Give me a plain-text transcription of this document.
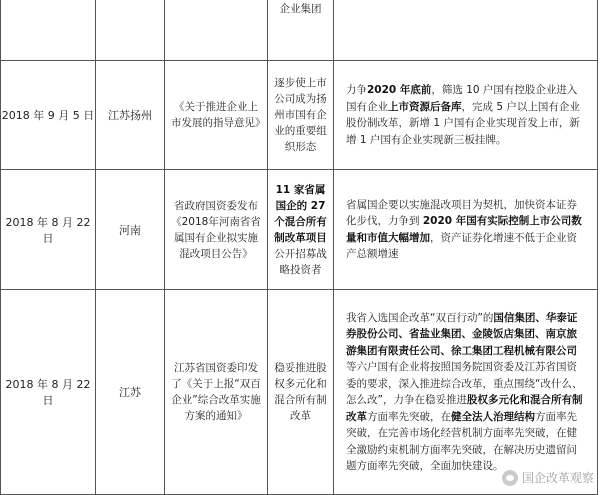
			企业集团	
2018 年 9 月 5 日	江苏扬州	《关于推进企业上市发展的指导意见》	逐步使上市公司成为扬州市国有企业的重要组织形态	力争2020 年底前，筛选 10 户国有控股企业进入国有企业上市资源后备库，完成 5 户以上国有企业股份制改革，新增 1 户国有企业实现首发上市，新增 1 户国有企业实现新三板挂牌。
2018 年 8 月 22 日	河南	省政府国资委发布《2018年河南省省属国有企业拟实施混改项目公告》	11 家省属国企的 27 个混合所有制改革项目公开招募战略投资者	省属国企要以实施混改项目为契机，加快资本证券化步伐，力争到 2020 年国有实际控制上市公司数量和市值大幅增加，资产证券化增速不低于企业资产总额增速
2018 年 8 月 22 日	江苏	江苏省国资委印发了《关于上报“双百企业”综合改革实施方案的通知》	稳妥推进股权多元化和混合所有制改革	我省入选国企改革“双百行动”的国信集团、华泰证券股份公司、省盐业集团、金陵饭店集团、南京旅游集团有限责任公司、徐工集团工程机械有限公司等六户国有企业将按照国务院国资委及江苏省国资委的要求，深入推进综合改革，重点围绕“改什么、怎么改”，力争在稳妥推进股权多元化和混合所有制改革方面率先突破，在健全法人治理结构方面率先突破，在完善市场化经营机制方面率先突破，在健全激励约束机制方面率先突破，在解决历史遗留问题方面率先突破，全面加快建设。
国企改革观察
